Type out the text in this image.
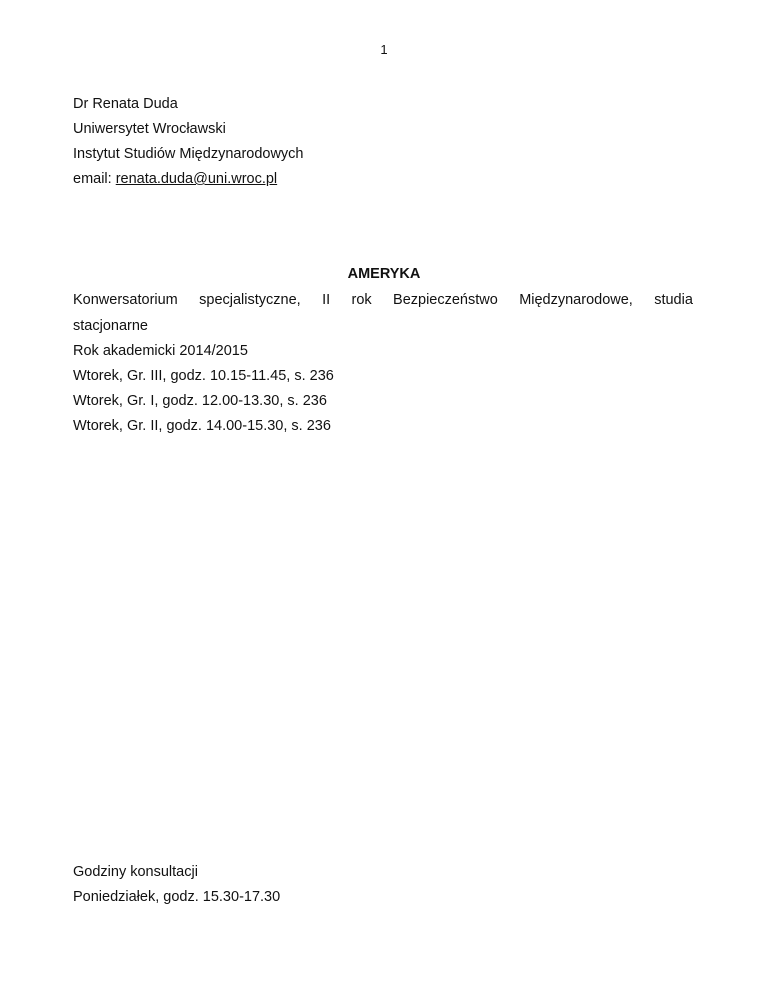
1
Dr Renata Duda
Uniwersytet Wrocławski
Instytut Studiów Międzynarodowych
email: renata.duda@uni.wroc.pl
AMERYKA
Konwersatorium specjalistyczne, II rok Bezpieczeństwo Międzynarodowe, studia
stacjonarne
Rok akademicki 2014/2015
Wtorek, Gr. III, godz. 10.15-11.45, s. 236
Wtorek, Gr. I, godz. 12.00-13.30, s. 236
Wtorek, Gr. II, godz. 14.00-15.30, s. 236
Godziny konsultacji
Poniedziałek, godz. 15.30-17.30
